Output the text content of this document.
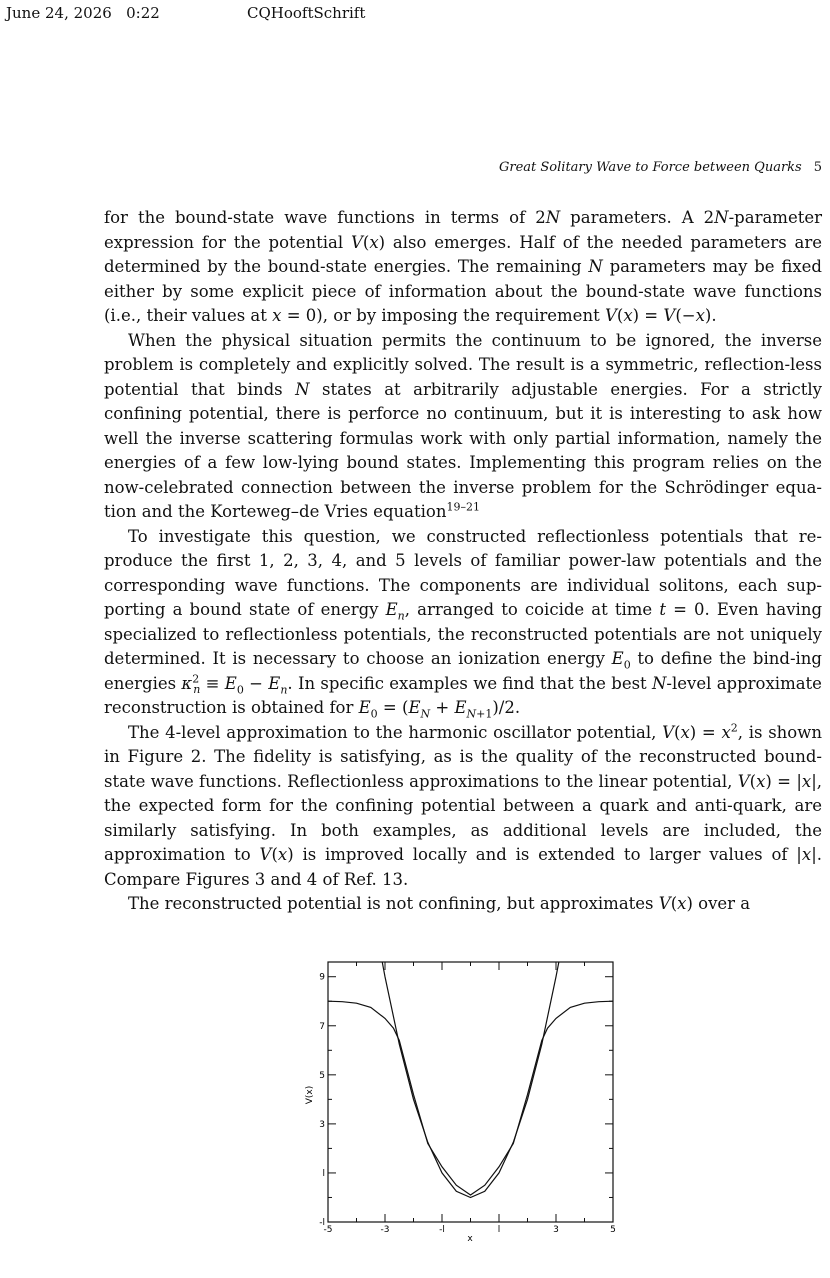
June 24, 2026 0:22	CQHooftSchrift
Great Solitary Wave to Force between Quarks 5

for the bound-state wave functions in terms of 2N parameters. A 2N-parameter expression for the potential V(x) also emerges. Half of the needed parameters are determined by the bound-state energies. The remaining N parameters may be fixed either by some explicit piece of information about the bound-state wave functions (i.e., their values at x = 0), or by imposing the requirement V(x) = V(−x).

When the physical situation permits the continuum to be ignored, the inverse problem is completely and explicitly solved. The result is a symmetric, reflection-less potential that binds N states at arbitrarily adjustable energies. For a strictly confining potential, there is perforce no continuum, but it is interesting to ask how well the inverse scattering formulas work with only partial information, namely the energies of a few low-lying bound states. Implementing this program relies on the now-celebrated connection between the inverse problem for the Schrödinger equa-tion and the Korteweg–de Vries equation$^{19-21}$

To investigate this question, we constructed reflectionless potentials that re-produce the first 1, 2, 3, 4, and 5 levels of familiar power-law potentials and the corresponding wave functions. The components are individual solitons, each sup-porting a bound state of energy $E_n$, arranged to coicide at time t = 0. Even having specialized to reflectionless potentials, the reconstructed potentials are not uniquely determined. It is necessary to choose an ionization energy $E_0$ to define the bind-ing energies $\kappa^2_n \equiv E_0 - E_n$. In specific examples we find that the best N-level approximate reconstruction is obtained for $E_0 = (E_N + E_{N+1})/2$.

The 4-level approximation to the harmonic oscillator potential, $V(x) = x^2$, is shown in Figure 2. The fidelity is satisfying, as is the quality of the reconstructed bound-state wave functions. Reflectionless approximations to the linear potential, V(x) = |x|, the expected form for the confining potential between a quark and anti-quark, are similarly satisfying. In both examples, as additional levels are included, the approximation to V(x) is improved locally and is extended to larger values of |x|. Compare Figures 3 and 4 of Ref. 13.

The reconstructed potential is not confining, but approximates V(x) over a

-5	-3	-l	l	3	5
-l
l
3
5
7
9
x
V(x)
